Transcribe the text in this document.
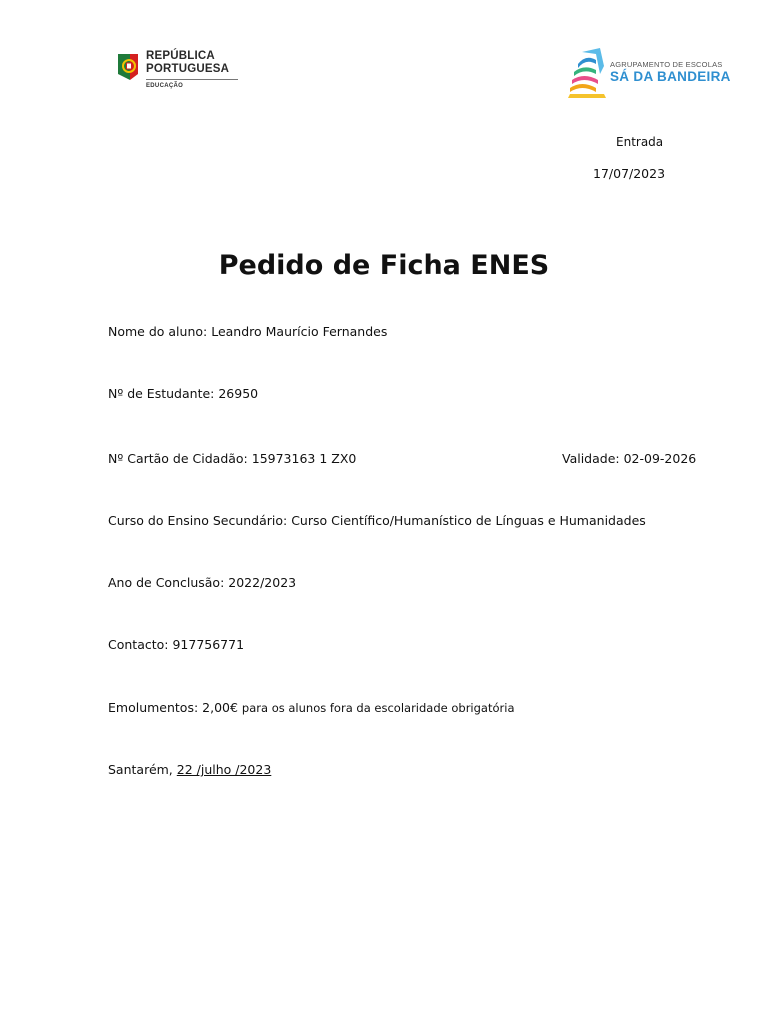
REPÚBLICA
PORTUGUESA
EDUCAÇÃO
AGRUPAMENTO DE ESCOLAS
SÁ DA BANDEIRA
Entrada
17/07/2023
Pedido de Ficha ENES
Nome do aluno: Leandro Maurício Fernandes
Nº de Estudante: 26950
Nº Cartão de Cidadão: 15973163 1 ZX0	Validade: 02-09-2026
Curso do Ensino Secundário: Curso Científico/Humanístico de Línguas e Humanidades
Ano de Conclusão: 2022/2023
Contacto: 917756771
Emolumentos: 2,00€ para os alunos fora da escolaridade obrigatória
Santarém, 22 /julho /2023
